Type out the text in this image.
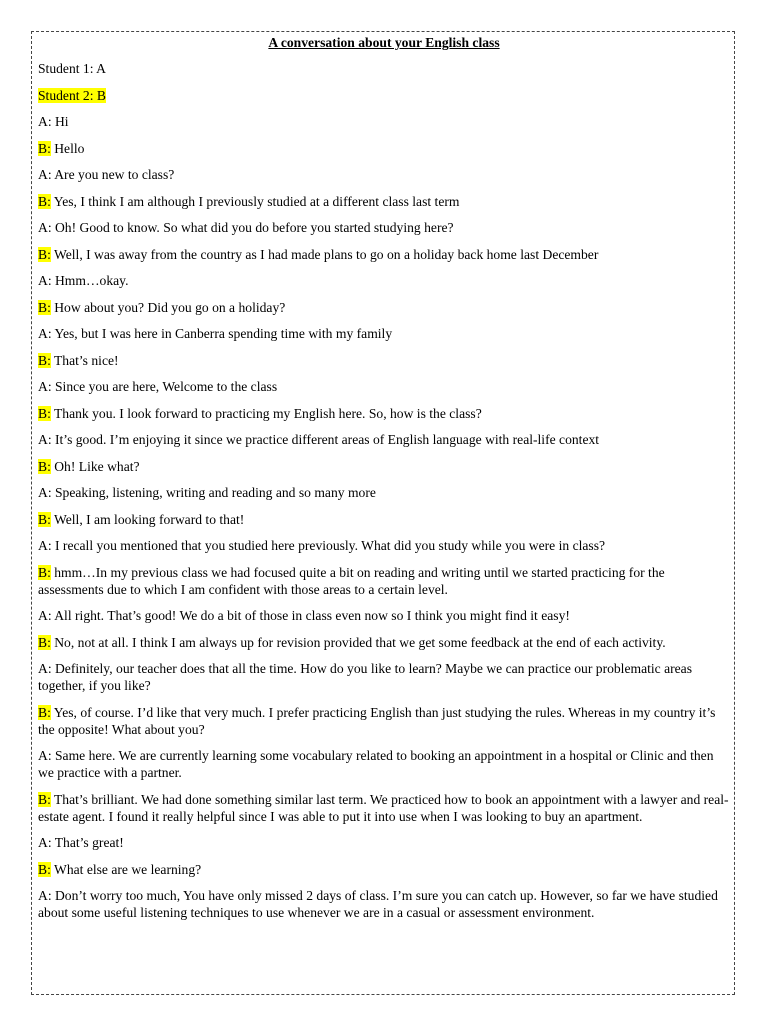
A conversation about your English class
Student 1: A
Student 2: B
A: Hi
B: Hello
A: Are you new to class?
B: Yes, I think I am although I previously studied at a different class last term
A: Oh! Good to know. So what did you do before you started studying here?
B: Well, I was away from the country as I had made plans to go on a holiday back home last December
A: Hmm…okay.
B: How about you? Did you go on a holiday?
A: Yes, but I was here in Canberra spending time with my family
B: That’s nice!
A: Since you are here, Welcome to the class
B: Thank you. I look forward to practicing my English here. So, how is the class?
A: It’s good. I’m enjoying it since we practice different areas of English language with real-life context
B: Oh! Like what?
A: Speaking, listening, writing and reading and so many more
B: Well, I am looking forward to that!
A: I recall you mentioned that you studied here previously. What did you study while you were in class?
B: hmm…In my previous class we had focused quite a bit on reading and writing until we started practicing for the assessments due to which I am confident with those areas to a certain level.
A: All right. That’s good! We do a bit of those in class even now so I think you might find it easy!
B: No, not at all. I think I am always up for revision provided that we get some feedback at the end of each activity.
A: Definitely, our teacher does that all the time. How do you like to learn? Maybe we can practice our problematic areas together, if you like?
B: Yes, of course. I’d like that very much. I prefer practicing English than just studying the rules. Whereas in my country it’s the opposite! What about you?
A: Same here. We are currently learning some vocabulary related to booking an appointment in a hospital or Clinic and then we practice with a partner.
B: That’s brilliant. We had done something similar last term. We practiced how to book an appointment with a lawyer and real-estate agent. I found it really helpful since I was able to put it into use when I was looking to buy an apartment.
A: That’s great!
B: What else are we learning?
A: Don’t worry too much, You have only missed 2 days of class. I’m sure you can catch up. However, so far we have studied about some useful listening techniques to use whenever we are in a casual or assessment environment.
